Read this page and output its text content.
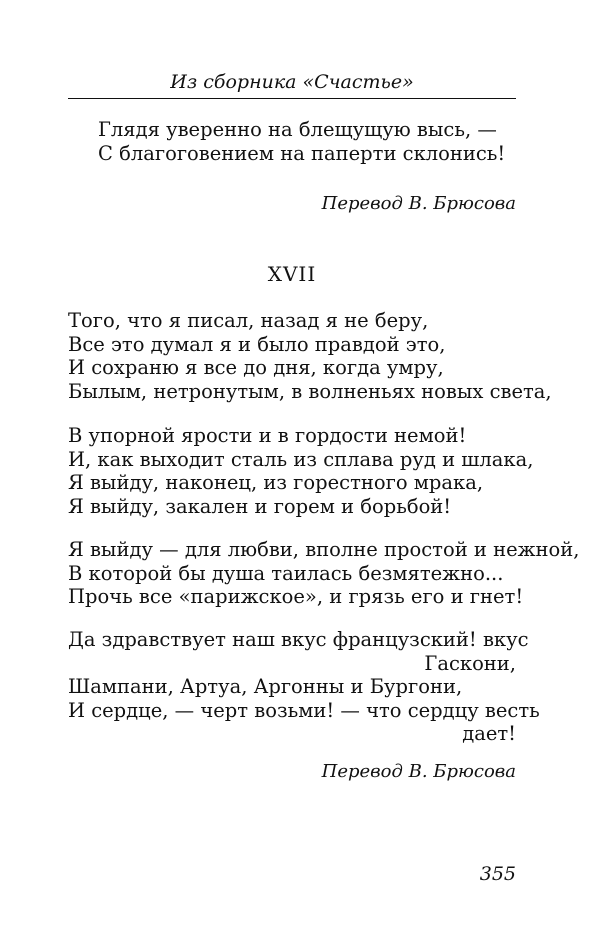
Из сборника «Счастье»
Глядя уверенно на блещущую высь, —
С благоговением на паперти склонись!
Перевод В. Брюсова
XVII
Того, что я писал, назад я не беру,
Все это думал я и было правдой это,
И сохраню я все до дня, когда умру,
Былым, нетронутым, в волненьях новых света,
В упорной ярости и в гордости немой!
И, как выходит сталь из сплава руд и шлака,
Я выйду, наконец, из горестного мрака,
Я выйду, закален и горем и борьбой!
Я выйду — для любви, вполне простой и нежной,
В которой бы душа таилась безмятежно...
Прочь все «парижское», и грязь его и гнет!
Да здравствует наш вкус французский! вкус
Гаскони,
Шампани, Артуа, Аргонны и Бургони,
И сердце, — черт возьми! — что сердцу весть
дает!
Перевод В. Брюсова
355
